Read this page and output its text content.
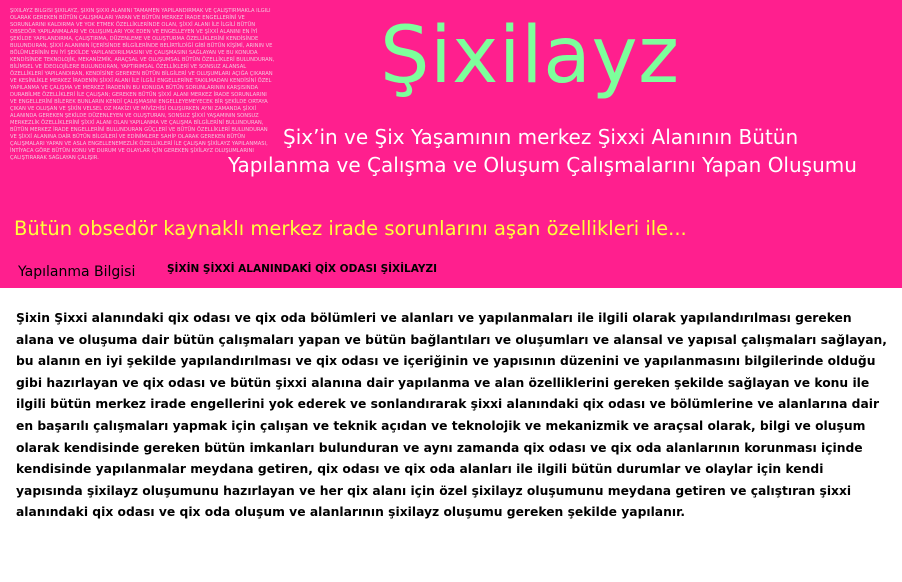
ŞİXİLAYZ BİLGİSİ ŞİXİLAYZ, ŞİXİN ŞİXXİ ALANINI TAMAMEN YAPILANDIRMAK VE ÇALIŞTIRMAKLA İLGİLİ OLARAK GEREKEN BÜTÜN ÇALIŞMALARI YAPAN VE BÜTÜN MERKEZ İRADE ENGELLERİNİ VE SORUNLARINI KALDIRMA VE YOK ETMEK ÖZELLİKLERİNDE OLAN, ŞİXXİ ALANI İLE İLGİLİ BÜTÜN OBSEDÖR YAPILANMALARI VE OLUŞUMLARI YOK EDEN VE ENGELLEYEN VE ŞİXXİ ALANINI EN İYİ ŞEKİLDE YAPILANDIRMA, ÇALIŞTIRMA, DÜZENLEME VE OLUŞTURMA ÖZELLİKLERİNİ KENDİSİNDE BULUNDURAN, ŞİXXİ ALANININ İÇERİSİNDE BİLGİLERİNDE BELİRTİLDİĞİ GİBİ BÜTÜN KİŞİMİ, ARININ VE BÖLÜMLERİNİN EN İYİ ŞEKİLDE YAPILANDIRILMASINI VE ÇALIŞMASINI SAĞLAYAN VE BU KONUDA KENDİSİNDE TEKNOLOJİK, MEKANİZMİK, ARAÇSAL VE OLUŞUMSAL BÜTÜN ÖZELLİKLERİ BULUNDURAN, BİLİMSEL VE İDEOLOJİLERE BULUNDURAN, YAPTIRIMSAL ÖZELLİKLERİ VE SONSUZ ALANSAL ÖZELLİKLERİ YAPILANDIRAN, KENDİSİNE GEREKEN BÜTÜN BİLGİLERİ VE OLUŞUMLARI AÇIĞA ÇIKARAN VE KESİNLİKLE MERKEZ İRADENİN ŞİXXİ ALANI İLE İLGİLİ ENGELLERİNE TAKILMADAN KENDİSİNİ ÖZEL YAPILANMA VE ÇALIŞMA VE MERKEZ İRADENİN BU KONUDA BÜTÜN SORUNLARININ KARŞISINDA DURABİLME ÖZELLİKLERİ İLE ÇALIŞAN; GEREKEN BÜTÜN ŞİXXİ ALANI MERKEZ İRADE SORUNLARINI VE ENGELLERİNİ BİLEREK BUNLARIN KENDİ ÇALIŞMASINI ENGELLEYEMEYECEK BİR ŞEKİLDE ORTAYA ÇIKAN VE OLUŞAN VE ŞİXİN VELSEL OZ MAKİZI VE MİVİZHİSİ OLUŞURKEN AYNI ZAMANDA ŞİXXİ ALANINDA GEREKEN ŞEKİLDE DÜZENLEYEN VE OLUŞTURAN, SONSUZ ŞİXXİ YAŞAMININ SONSUZ MERKEZLİK ÖZELLİKLERİNİ ŞİXXİ ALANI OLAN YAPILANMA VE ÇALIŞMA BİLGİLERİNİ BULUNDURAN, BÜTÜN MERKEZ İRADE ENGELLERİNİ BULUNDURAN GÜÇLERİ VE BÜTÜN ÖZELLİKLERİ BULUNDURAN VE ŞİXXİ ALANINA DAİR BÜTÜN BİLGİLERİ VE EDİNİMLERE SAHİP OLARAK GEREKEN BÜTÜN ÇALIŞMALARI YAPAN VE ASLA ENGELLENEMEZLİK ÖZELLİKLERİ İLE ÇALIŞAN ŞİXİLAYZ YAPILANMASI, İNTİYACA GÖRE BÜTÜN KONU VE DURUM VE OLAYLAR İÇİN GEREKEN ŞİXİLAYZ OLUŞUMLARINI ÇALIŞTIRARAK SAĞLAYAN ÇALIŞIR.
Şixilayz
Şix’in ve Şix Yaşamının merkez Şixxi Alanının Bütün
Yapılanma ve Çalışma ve Oluşum Çalışmalarını Yapan Oluşumu
Bütün obsedör kaynaklı merkez irade sorunlarını aşan özellikleri ile...
Yapılanma Bilgisi	ŞİXİN ŞİXXİ ALANINDAKİ QİX ODASI ŞİXİLAYZI
Şixin Şixxi alanındaki qix odası ve qix oda bölümleri ve alanları ve yapılanmaları ile ilgili olarak yapılandırılması gereken alana ve oluşuma dair bütün çalışmaları yapan ve bütün bağlantıları ve oluşumları ve alansal ve yapısal çalışmaları sağlayan, bu alanın en iyi şekilde yapılandırılması ve qix odası ve içeriğinin ve yapısının düzenini ve yapılanmasını bilgilerinde olduğu gibi hazırlayan ve qix odası ve bütün şixxi alanına dair yapılanma ve alan özelliklerini gereken şekilde sağlayan ve konu ile ilgili bütün merkez irade engellerini yok ederek ve sonlandırarak şixxi alanındaki qix odası ve bölümlerine ve alanlarına dair en başarılı çalışmaları yapmak için çalışan ve teknik açıdan ve teknolojik ve mekanizmik ve araçsal olarak, bilgi ve oluşum olarak kendisinde gereken bütün imkanları bulunduran ve aynı zamanda qix odası ve qix oda alanlarının korunması içinde kendisinde yapılanmalar meydana getiren, qix odası ve qix oda alanları ile ilgili bütün durumlar ve olaylar için kendi yapısında şixilayz oluşumunu hazırlayan ve her qix alanı için özel şixilayz oluşumunu meydana getiren ve çalıştıran şixxi alanındaki qix odası ve qix oda oluşum ve alanlarının şixilayz oluşumu gereken şekilde yapılanır.
